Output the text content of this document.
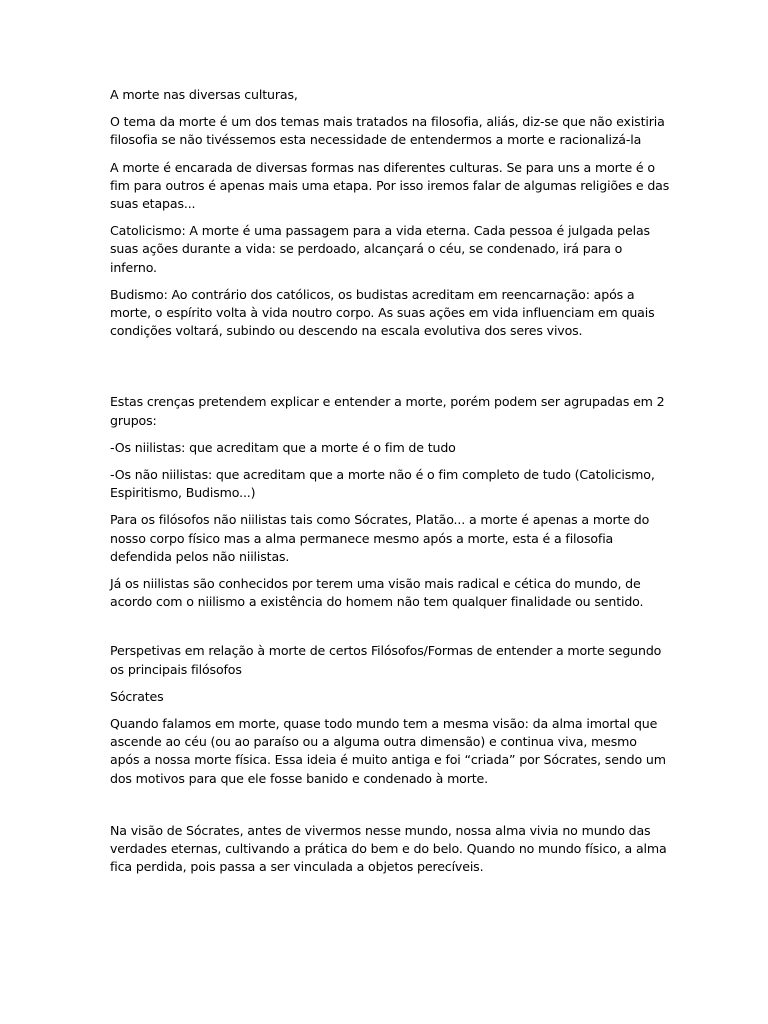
A morte nas diversas culturas,

O tema da morte é um dos temas mais tratados na filosofia, aliás, diz-se que não existiria filosofia se não tivéssemos esta necessidade de entendermos a morte e racionalizá-la

A morte é encarada de diversas formas nas diferentes culturas. Se para uns a morte é o fim para outros é apenas mais uma etapa. Por isso iremos falar de algumas religiões e das suas etapas...

Catolicismo: A morte é uma passagem para a vida eterna. Cada pessoa é julgada pelas suas ações durante a vida: se perdoado, alcançará o céu, se condenado, irá para o inferno.

Budismo: Ao contrário dos católicos, os budistas acreditam em reencarnação: após a morte, o espírito volta à vida noutro corpo. As suas ações em vida influenciam em quais condições voltará, subindo ou descendo na escala evolutiva dos seres vivos.

Estas crenças pretendem explicar e entender a morte, porém podem ser agrupadas em 2 grupos:

-Os niilistas: que acreditam que a morte é o fim de tudo

-Os não niilistas: que acreditam que a morte não é o fim completo de tudo (Catolicismo, Espiritismo, Budismo...)

Para os filósofos não niilistas tais como Sócrates, Platão... a morte é apenas a morte do nosso corpo físico mas a alma permanece mesmo após a morte, esta é a filosofia defendida pelos não niilistas.

Já os niilistas são conhecidos por terem uma visão mais radical e cética do mundo, de acordo com o niilismo a existência do homem não tem qualquer finalidade ou sentido.

Perspetivas em relação à morte de certos Filósofos/Formas de entender a morte segundo os principais filósofos

Sócrates

Quando falamos em morte, quase todo mundo tem a mesma visão: da alma imortal que ascende ao céu (ou ao paraíso ou a alguma outra dimensão) e continua viva, mesmo após a nossa morte física. Essa ideia é muito antiga e foi “criada” por Sócrates, sendo um dos motivos para que ele fosse banido e condenado à morte.

Na visão de Sócrates, antes de vivermos nesse mundo, nossa alma vivia no mundo das verdades eternas, cultivando a prática do bem e do belo. Quando no mundo físico, a alma fica perdida, pois passa a ser vinculada a objetos perecíveis.
